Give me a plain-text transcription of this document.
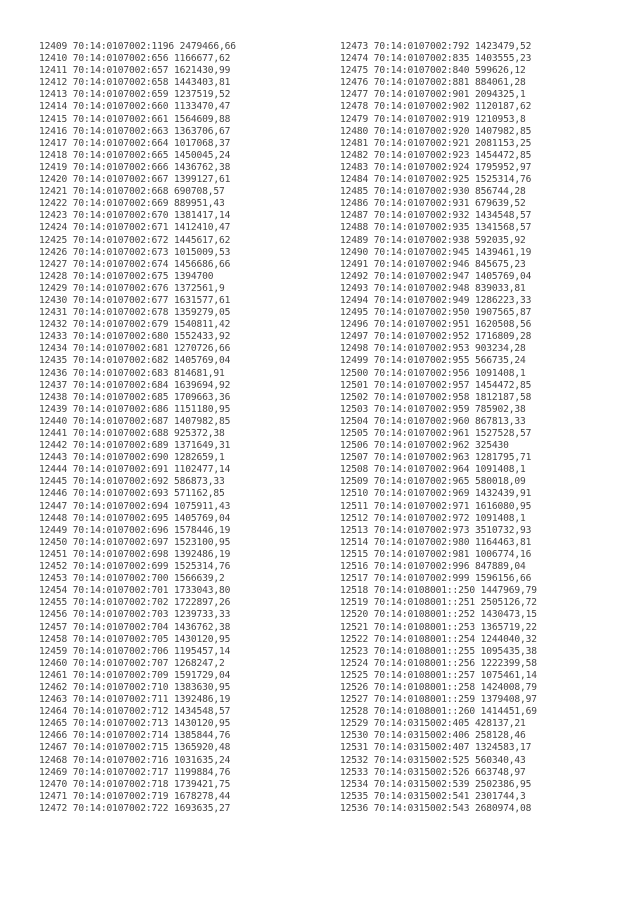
12409 70:14:0107002:1196 2479466,66
12410 70:14:0107002:656 1166677,62
12411 70:14:0107002:657 1621430,99
12412 70:14:0107002:658 1443403,81
12413 70:14:0107002:659 1237519,52
12414 70:14:0107002:660 1133470,47
12415 70:14:0107002:661 1564609,88
12416 70:14:0107002:663 1363706,67
12417 70:14:0107002:664 1017068,37
12418 70:14:0107002:665 1450045,24
12419 70:14:0107002:666 1436762,38
12420 70:14:0107002:667 1399127,61
12421 70:14:0107002:668 690708,57
12422 70:14:0107002:669 889951,43
12423 70:14:0107002:670 1381417,14
12424 70:14:0107002:671 1412410,47
12425 70:14:0107002:672 1445617,62
12426 70:14:0107002:673 1015009,53
12427 70:14:0107002:674 1456686,66
12428 70:14:0107002:675 1394700
12429 70:14:0107002:676 1372561,9
12430 70:14:0107002:677 1631577,61
12431 70:14:0107002:678 1359279,05
12432 70:14:0107002:679 1540811,42
12433 70:14:0107002:680 1552433,92
12434 70:14:0107002:681 1270726,66
12435 70:14:0107002:682 1405769,04
12436 70:14:0107002:683 814681,91
12437 70:14:0107002:684 1639694,92
12438 70:14:0107002:685 1709663,36
12439 70:14:0107002:686 1151180,95
12440 70:14:0107002:687 1407982,85
12441 70:14:0107002:688 925372,38
12442 70:14:0107002:689 1371649,31
12443 70:14:0107002:690 1282659,1
12444 70:14:0107002:691 1102477,14
12445 70:14:0107002:692 586873,33
12446 70:14:0107002:693 571162,85
12447 70:14:0107002:694 1075911,43
12448 70:14:0107002:695 1405769,04
12449 70:14:0107002:696 1578446,19
12450 70:14:0107002:697 1523100,95
12451 70:14:0107002:698 1392486,19
12452 70:14:0107002:699 1525314,76
12453 70:14:0107002:700 1566639,2
12454 70:14:0107002:701 1733043,80
12455 70:14:0107002:702 1722897,26
12456 70:14:0107002:703 1239733,33
12457 70:14:0107002:704 1436762,38
12458 70:14:0107002:705 1430120,95
12459 70:14:0107002:706 1195457,14
12460 70:14:0107002:707 1268247,2
12461 70:14:0107002:709 1591729,04
12462 70:14:0107002:710 1383630,95
12463 70:14:0107002:711 1392486,19
12464 70:14:0107002:712 1434548,57
12465 70:14:0107002:713 1430120,95
12466 70:14:0107002:714 1385844,76
12467 70:14:0107002:715 1365920,48
12468 70:14:0107002:716 1031635,24
12469 70:14:0107002:717 1199884,76
12470 70:14:0107002:718 1739421,75
12471 70:14:0107002:719 1678278,44
12472 70:14:0107002:722 1693635,27
12473 70:14:0107002:792 1423479,52
12474 70:14:0107002:835 1403555,23
12475 70:14:0107002:840 599626,12
12476 70:14:0107002:881 884061,28
12477 70:14:0107002:901 2094325,1
12478 70:14:0107002:902 1120187,62
12479 70:14:0107002:919 1210953,8
12480 70:14:0107002:920 1407982,85
12481 70:14:0107002:921 2081153,25
12482 70:14:0107002:923 1454472,85
12483 70:14:0107002:924 1795952,97
12484 70:14:0107002:925 1525314,76
12485 70:14:0107002:930 856744,28
12486 70:14:0107002:931 679639,52
12487 70:14:0107002:932 1434548,57
12488 70:14:0107002:935 1341568,57
12489 70:14:0107002:938 592035,92
12490 70:14:0107002:945 1439461,19
12491 70:14:0107002:946 845675,23
12492 70:14:0107002:947 1405769,04
12493 70:14:0107002:948 839033,81
12494 70:14:0107002:949 1286223,33
12495 70:14:0107002:950 1907565,87
12496 70:14:0107002:951 1620508,56
12497 70:14:0107002:952 1716809,28
12498 70:14:0107002:953 903234,28
12499 70:14:0107002:955 566735,24
12500 70:14:0107002:956 1091408,1
12501 70:14:0107002:957 1454472,85
12502 70:14:0107002:958 1812187,58
12503 70:14:0107002:959 785902,38
12504 70:14:0107002:960 867813,33
12505 70:14:0107002:961 1527528,57
12506 70:14:0107002:962 325430
12507 70:14:0107002:963 1281795,71
12508 70:14:0107002:964 1091408,1
12509 70:14:0107002:965 580018,09
12510 70:14:0107002:969 1432439,91
12511 70:14:0107002:971 1616080,95
12512 70:14:0107002:972 1091408,1
12513 70:14:0107002:973 3510732,93
12514 70:14:0107002:980 1164463,81
12515 70:14:0107002:981 1006774,16
12516 70:14:0107002:996 847889,04
12517 70:14:0107002:999 1596156,66
12518 70:14:0108001::250 1447969,79
12519 70:14:0108001::251 2505126,72
12520 70:14:0108001::252 1430473,15
12521 70:14:0108001::253 1365719,22
12522 70:14:0108001::254 1244040,32
12523 70:14:0108001::255 1095435,38
12524 70:14:0108001::256 1222399,58
12525 70:14:0108001::257 1075461,14
12526 70:14:0108001::258 1424008,79
12527 70:14:0108001::259 1379408,97
12528 70:14:0108001::260 1414451,69
12529 70:14:0315002:405 428137,21
12530 70:14:0315002:406 258128,46
12531 70:14:0315002:407 1324583,17
12532 70:14:0315002:525 560340,43
12533 70:14:0315002:526 663748,97
12534 70:14:0315002:539 2502386,95
12535 70:14:0315002:541 2301744,3
12536 70:14:0315002:543 2680974,08
